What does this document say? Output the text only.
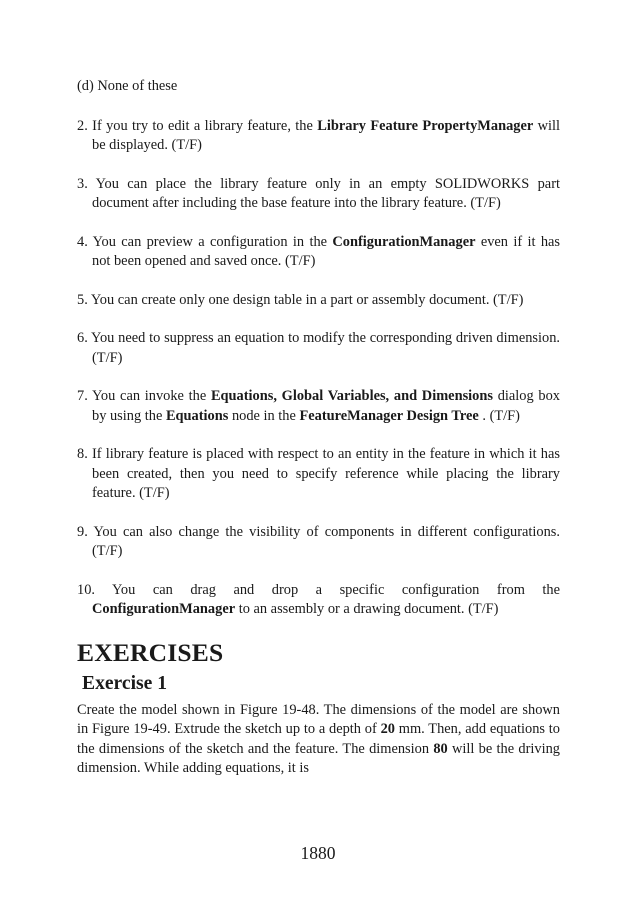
(d) None of these

2. If you try to edit a library feature, the Library Feature PropertyManager will be displayed. (T/F)

3. You can place the library feature only in an empty SOLIDWORKS part document after including the base feature into the library feature. (T/F)

4. You can preview a configuration in the ConfigurationManager even if it has not been opened and saved once. (T/F)

5. You can create only one design table in a part or assembly document. (T/F)

6. You need to suppress an equation to modify the corresponding driven dimension. (T/F)

7. You can invoke the Equations, Global Variables, and Dimensions dialog box by using the Equations node in the FeatureManager Design Tree . (T/F)

8. If library feature is placed with respect to an entity in the feature in which it has been created, then you need to specify reference while placing the library feature. (T/F)

9. You can also change the visibility of components in different configurations. (T/F)

10. You can drag and drop a specific configuration from the ConfigurationManager to an assembly or a drawing document. (T/F)

EXERCISES
Exercise 1

Create the model shown in Figure 19-48. The dimensions of the model are shown in Figure 19-49. Extrude the sketch up to a depth of 20 mm. Then, add equations to the dimensions of the sketch and the feature. The dimension 80 will be the driving dimension. While adding equations, it is

1880
